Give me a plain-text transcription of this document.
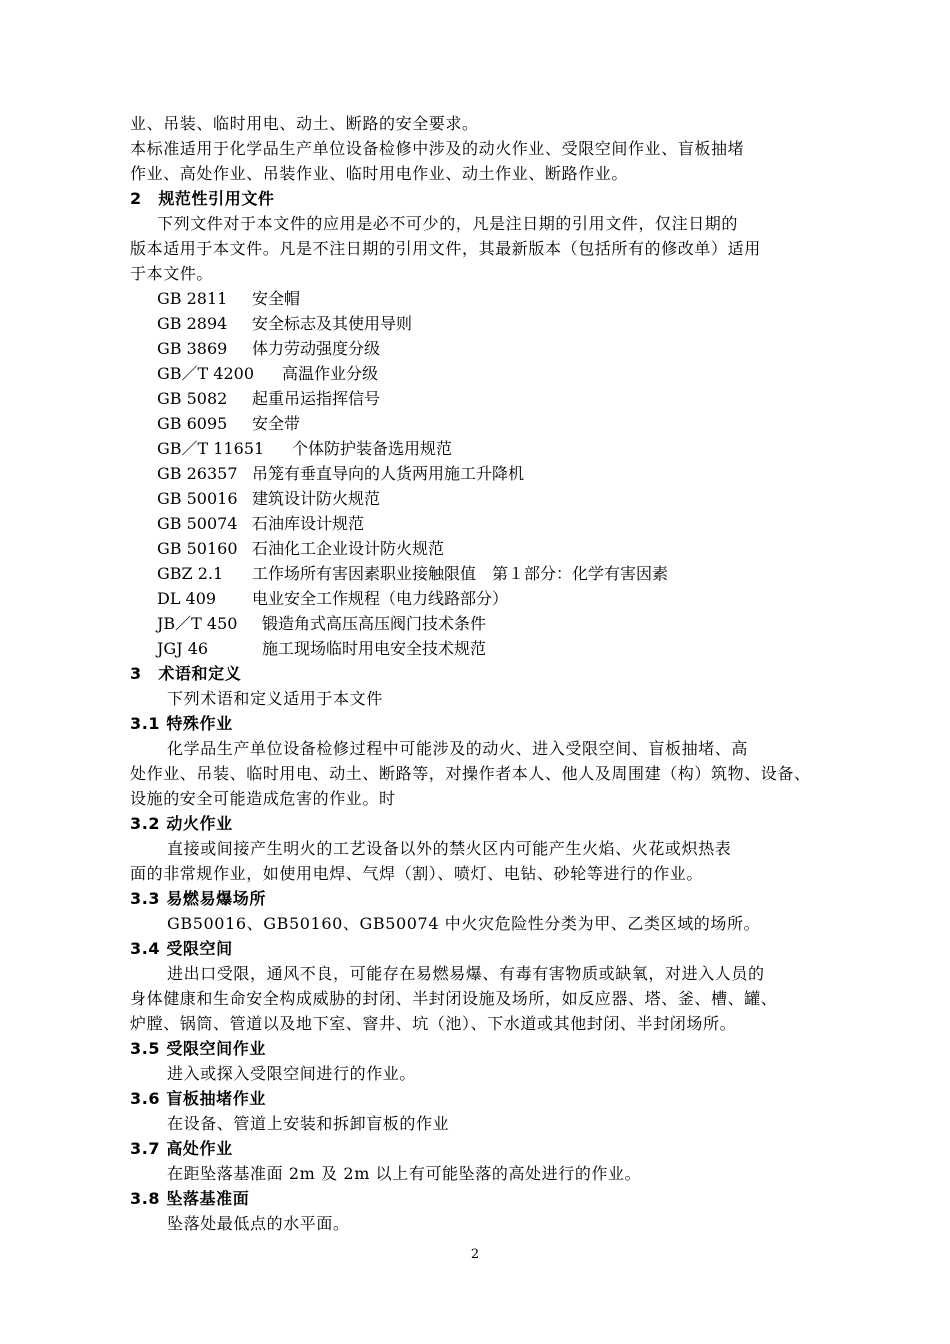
业、吊装、临时用电、动土、断路的安全要求。
本标准适用于化学品生产单位设备检修中涉及的动火作业、受限空间作业、盲板抽堵
作业、高处作业、吊装作业、临时用电作业、动土作业、断路作业。
2　规范性引用文件
下列文件对于本文件的应用是必不可少的，凡是注日期的引用文件，仅注日期的
版本适用于本文件。凡是不注日期的引用文件，其最新版本（包括所有的修改单）适用
于本文件。
GB 2811 安全帽
GB 2894 安全标志及其使用导则
GB 3869 体力劳动强度分级
GB／T 4200 高温作业分级
GB 5082 起重吊运指挥信号
GB 6095 安全带
GB／T 11651 个体防护装备选用规范
GB 26357 吊笼有垂直导向的人货两用施工升降机
GB 50016 建筑设计防火规范
GB 50074 石油库设计规范
GB 50160 石油化工企业设计防火规范
GBZ 2.1 工作场所有害因素职业接触限值　第１部分：化学有害因素
DL 409 电业安全工作规程（电力线路部分）
JB／T 450 锻造角式高压高压阀门技术条件
JGJ 46	施工现场临时用电安全技术规范
3　术语和定义
下列术语和定义适用于本文件
3.1 特殊作业
化学品生产单位设备检修过程中可能涉及的动火、进入受限空间、盲板抽堵、高
处作业、吊装、临时用电、动土、断路等，对操作者本人、他人及周围建（构）筑物、设备、
设施的安全可能造成危害的作业。时
3.2 动火作业
直接或间接产生明火的工艺设备以外的禁火区内可能产生火焰、火花或炽热表
面的非常规作业，如使用电焊、气焊（割）、喷灯、电钻、砂轮等进行的作业。
3.3 易燃易爆场所
GB50016、GB50160、GB50074 中火灾危险性分类为甲、乙类区域的场所。
3.4 受限空间
进出口受限，通风不良，可能存在易燃易爆、有毒有害物质或缺氧，对进入人员的
身体健康和生命安全构成威胁的封闭、半封闭设施及场所，如反应器、塔、釜、槽、罐、
炉膛、锅筒、管道以及地下室、窨井、坑（池）、下水道或其他封闭、半封闭场所。
3.5 受限空间作业
进入或探入受限空间进行的作业。
3.6 盲板抽堵作业
在设备、管道上安装和拆卸盲板的作业
3.7 高处作业
在距坠落基准面 2m 及 2m 以上有可能坠落的高处进行的作业。
3.8 坠落基准面
坠落处最低点的水平面。
2
